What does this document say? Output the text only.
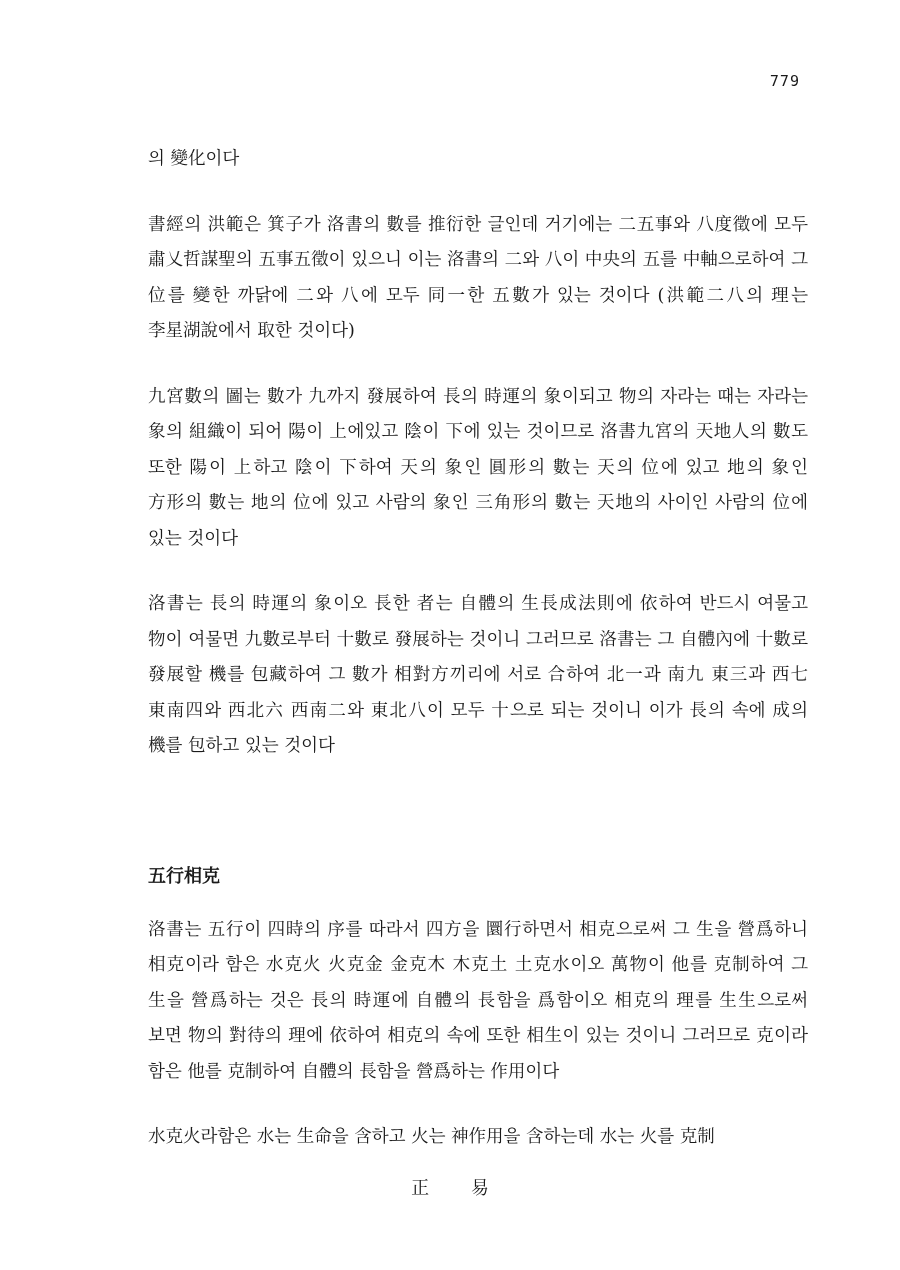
779

의 變化이다

書經의 洪範은 箕子가 洛書의 數를 推衍한 글인데 거기에는 二五事와 八度徵에 모두 肅乂哲謀聖의 五事五徵이 있으니 이는 洛書의 二와 八이 中央의 五를 中軸으로하여 그 位를 變한 까닭에 二와 八에 모두 同一한 五數가 있는 것이다 (洪範二八의 理는 李星湖說에서 取한 것이다)

九宮數의 圖는 數가 九까지 發展하여 長의 時運의 象이되고 物의 자라는 때는 자라는 象의 組織이 되어 陽이 上에있고 陰이 下에 있는 것이므로 洛書九宮의 天地人의 數도 또한 陽이 上하고 陰이 下하여 天의 象인 圓形의 數는 天의 位에 있고 地의 象인 方形의 數는 地의 位에 있고 사람의 象인 三角形의 數는 天地의 사이인 사람의 位에 있는 것이다

洛書는 長의 時運의 象이오 長한 者는 自體의 生長成法則에 依하여 반드시 여물고 物이 여물면 九數로부터 十數로 發展하는 것이니 그러므로 洛書는 그 自體內에 十數로 發展할 機를 包藏하여 그 數가 相對方끼리에 서로 合하여 北一과 南九 東三과 西七 東南四와 西北六 西南二와 東北八이 모두 十으로 되는 것이니 이가 長의 속에 成의 機를 包하고 있는 것이다

五行相克

洛書는 五行이 四時의 序를 따라서 四方을 圜行하면서 相克으로써 그 生을 營爲하니 相克이라 함은 水克火 火克金 金克木 木克土 土克水이오 萬物이 他를 克制하여 그 生을 營爲하는 것은 長의 時運에 自體의 長함을 爲함이오 相克의 理를 生生으로써 보면 物의 對待의 理에 依하여 相克의 속에 또한 相生이 있는 것이니 그러므로 克이라 함은 他를 克制하여 自體의 長함을 營爲하는 作用이다

水克火라함은 水는 生命을 含하고 火는 神作用을 含하는데 水는 火를 克制

正 易
